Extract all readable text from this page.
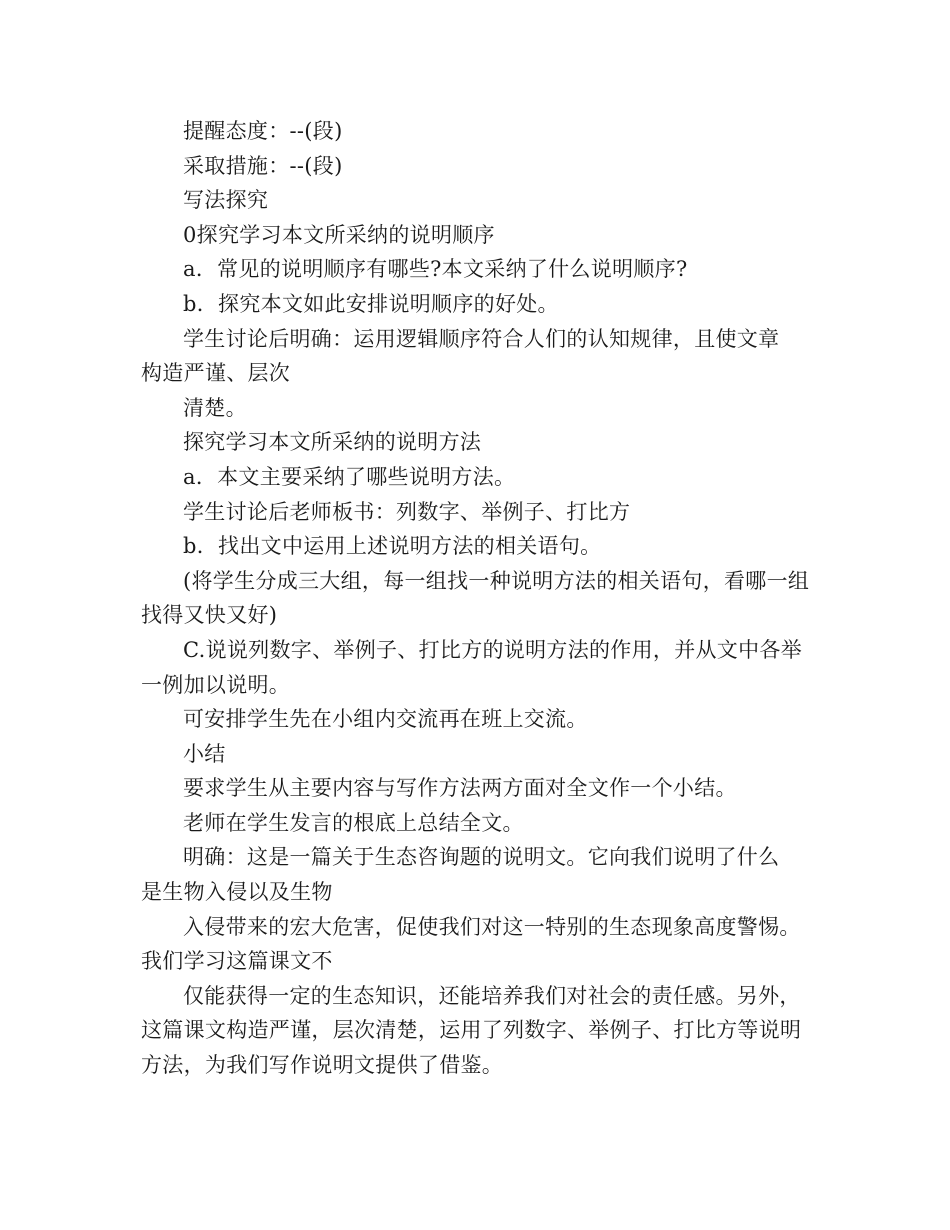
提醒态度：--(段)

采取措施：--(段)

写法探究

0探究学习本文所采纳的说明顺序

a．常见的说明顺序有哪些?本文采纳了什么说明顺序?

b．探究本文如此安排说明顺序的好处。

学生讨论后明确：运用逻辑顺序符合人们的认知规律，且使文章

构造严谨、层次

清楚。

探究学习本文所采纳的说明方法

a．本文主要采纳了哪些说明方法。

学生讨论后老师板书：列数字、举例子、打比方

b．找出文中运用上述说明方法的相关语句。

(将学生分成三大组，每一组找一种说明方法的相关语句，看哪一组找得又快又好)

C.说说列数字、举例子、打比方的说明方法的作用，并从文中各举一例加以说明。

可安排学生先在小组内交流再在班上交流。

小结

要求学生从主要内容与写作方法两方面对全文作一个小结。

老师在学生发言的根底上总结全文。

明确：这是一篇关于生态咨询题的说明文。它向我们说明了什么

是生物入侵以及生物

入侵带来的宏大危害，促使我们对这一特别的生态现象高度警惕。

我们学习这篇课文不

仅能获得一定的生态知识，还能培养我们对社会的责任感。另外，这篇课文构造严谨，层次清楚，运用了列数字、举例子、打比方等说明方法，为我们写作说明文提供了借鉴。
